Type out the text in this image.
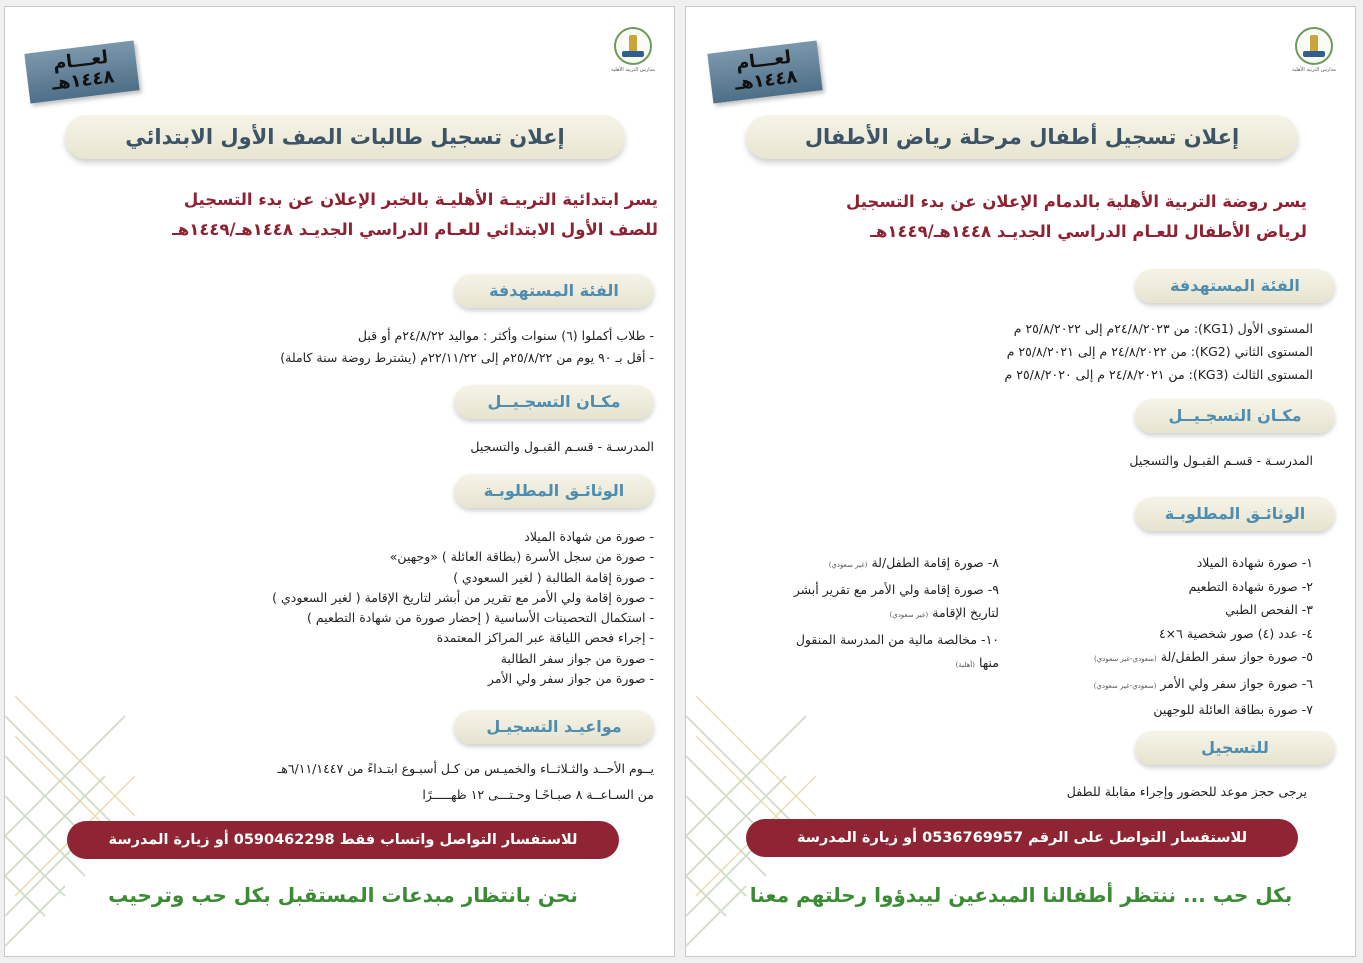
مدارس التربية الأهلية
لعـــام
١٤٤٨هـ
إعلان تسجيل طالبات الصف الأول الابتدائي
يسر ابتدائية التربيـة الأهليـة بالخبر الإعلان عن بدء التسجيل
للصف الأول الابتدائي للعـام الدراسي الجديـد ١٤٤٨هـ/١٤٤٩هـ
الفئة المستهدفة
- طلاب أكملوا (٦) سنوات وأكثر : مواليد ٢٤/٨/٢٢م أو قبل
- أقل بـ ٩٠ يوم من ٢٥/٨/٢٢م إلى ٢٢/١١/٢٢م (يشترط روضة سنة كاملة)
مكـان التسجـيــل
المدرسـة - قسـم القبـول والتسجيل
الوثائـق المطلوبـة
- صورة من شهادة الميلاد
- صورة من سجل الأسرة (بطاقة العائلة ) «وجهين»
- صورة إقامة الطالبة ( لغير السعودي )
- صورة إقامة ولي الأمر مع تقرير من أبشر لتاريخ الإقامة ( لغير السعودي )
- استكمال التحصينات الأساسية ( إحضار صورة من شهادة التطعيم )
- إجراء فحص اللياقة عبر المراكز المعتمدة
- صورة من جواز سفر الطالبة
- صورة من جواز سفر ولي الأمر
مواعيـد التسجيـل
يــوم الأحــد والثـلاثــاء والخميـس من كـل أسبـوع ابتـداءً من ٦/١١/١٤٤٧هـ
من السـاعــة ٨ صبـاحًـا وحـتـــى ١٢ ظهـــــرًا
للاستفسار التواصل واتساب فقط 0590462298 أو زيارة المدرسة
نحن بانتظار مبدعات المستقبل بكل حب وترحيب
مدارس التربية الأهلية
لعـــام
١٤٤٨هـ
إعلان تسجيل أطفال مرحلة رياض الأطفال
يسر روضة التربية الأهلية بالدمام الإعلان عن بدء التسجيل
لرياض الأطفال للعـام الدراسي الجديـد ١٤٤٨هـ/١٤٤٩هـ
الفئة المستهدفة
المستوى الأول (KG1): من ٢٤/٨/٢٠٢٣م إلى ٢٥/٨/٢٠٢٢ م
المستوى الثاني (KG2): من ٢٤/٨/٢٠٢٢ م إلى ٢٥/٨/٢٠٢١ م
المستوى الثالث (KG3): من ٢٤/٨/٢٠٢١ م إلى ٢٥/٨/٢٠٢٠ م
مكـان التسجـيــل
المدرسـة - قسـم القبـول والتسجيل
الوثائـق المطلوبـة
١- صورة شهادة الميلاد
٢- صورة شهادة التطعيم
٣- الفحص الطبي
٤- عدد (٤) صور شخصية ٦×٤
٥- صورة جواز سفر الطفل/لة(سعودي-غير سعودي)
٦- صورة جواز سفر ولي الأمر(سعودي-غير سعودي)
٧- صورة بطاقة العائلة للوجهين
٨- صورة إقامة الطفل/لة(غير سعودي)
٩- صورة إقامة ولي الأمر مع تقرير أبشر
لتاريخ الإقامة(غير سعودي)
١٠- مخالصة مالية من المدرسة المنقول
منها(أهلية)
للتسجيل
يرجى حجز موعد للحضور وإجراء مقابلة للطفل
للاستفسار التواصل على الرقم 0536769957 أو زيارة المدرسة
بكل حب ... ننتظر أطفالنا المبدعين ليبدؤوا رحلتهم معنا
